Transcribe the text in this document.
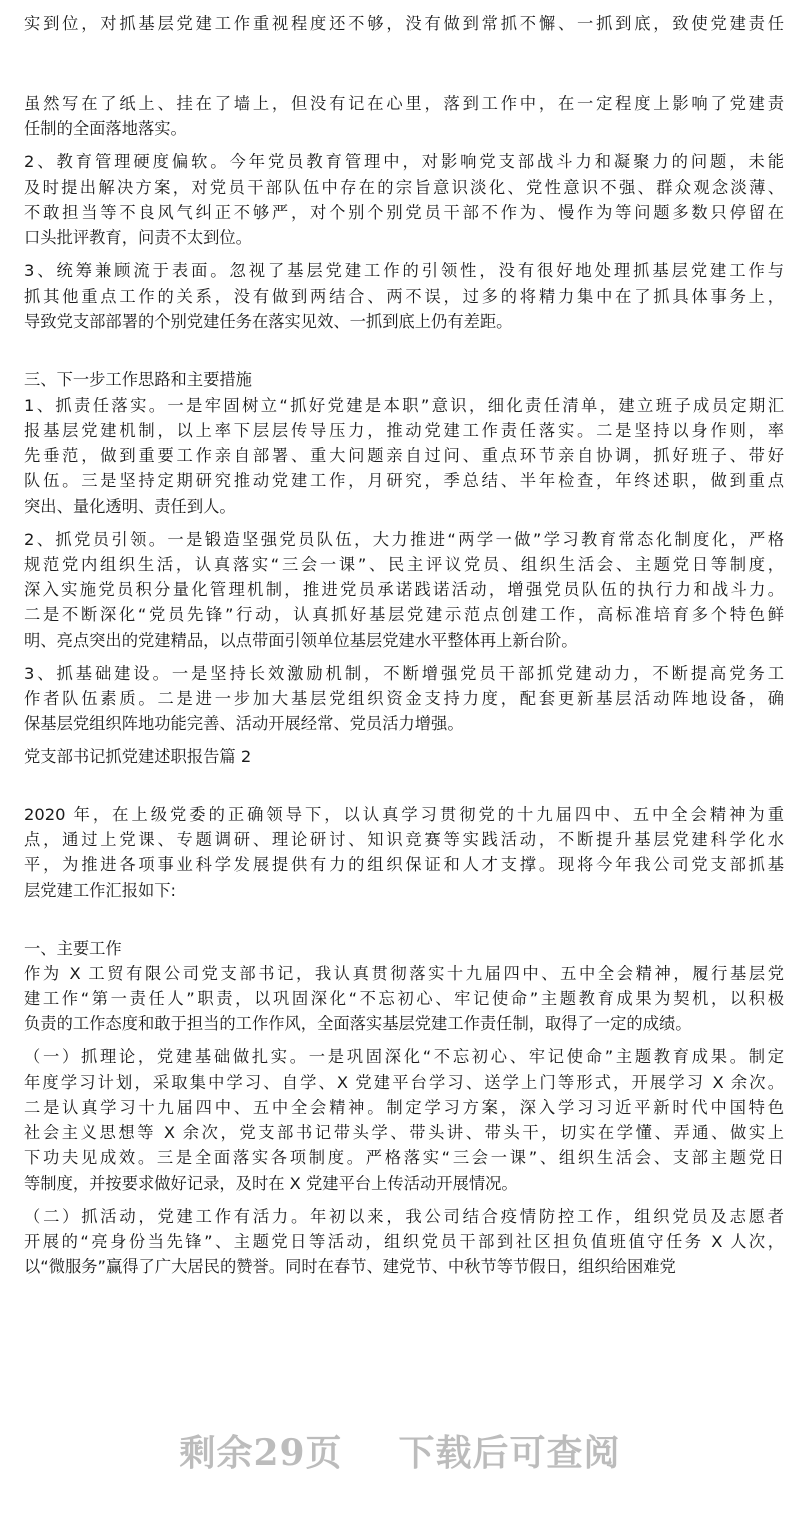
实到位，对抓基层党建工作重视程度还不够，没有做到常抓不懈、一抓到底，致使党建责任
虽然写在了纸上、挂在了墙上，但没有记在心里，落到工作中，在一定程度上影响了党建责
任制的全面落地落实。
2、教育管理硬度偏软。今年党员教育管理中，对影响党支部战斗力和凝聚力的问题，未能
及时提出解决方案，对党员干部队伍中存在的宗旨意识淡化、党性意识不强、群众观念淡薄、
不敢担当等不良风气纠正不够严，对个别个别党员干部不作为、慢作为等问题多数只停留在
口头批评教育，问责不太到位。
3、统筹兼顾流于表面。忽视了基层党建工作的引领性，没有很好地处理抓基层党建工作与
抓其他重点工作的关系，没有做到两结合、两不误，过多的将精力集中在了抓具体事务上，
导致党支部部署的个别党建任务在落实见效、一抓到底上仍有差距。
三、下一步工作思路和主要措施
1、抓责任落实。一是牢固树立“抓好党建是本职”意识，细化责任清单，建立班子成员定期汇
报基层党建机制，以上率下层层传导压力，推动党建工作责任落实。二是坚持以身作则，率
先垂范，做到重要工作亲自部署、重大问题亲自过问、重点环节亲自协调，抓好班子、带好
队伍。三是坚持定期研究推动党建工作，月研究，季总结、半年检查，年终述职，做到重点
突出、量化透明、责任到人。
2、抓党员引领。一是锻造坚强党员队伍，大力推进“两学一做”学习教育常态化制度化，严格
规范党内组织生活，认真落实“三会一课”、民主评议党员、组织生活会、主题党日等制度，
深入实施党员积分量化管理机制，推进党员承诺践诺活动，增强党员队伍的执行力和战斗力。
二是不断深化“党员先锋”行动，认真抓好基层党建示范点创建工作，高标准培育多个特色鲜
明、亮点突出的党建精品，以点带面引领单位基层党建水平整体再上新台阶。
3、抓基础建设。一是坚持长效激励机制，不断增强党员干部抓党建动力，不断提高党务工
作者队伍素质。二是进一步加大基层党组织资金支持力度，配套更新基层活动阵地设备，确
保基层党组织阵地功能完善、活动开展经常、党员活力增强。
党支部书记抓党建述职报告篇 2
2020 年，在上级党委的正确领导下，以认真学习贯彻党的十九届四中、五中全会精神为重
点，通过上党课、专题调研、理论研讨、知识竞赛等实践活动，不断提升基层党建科学化水
平，为推进各项事业科学发展提供有力的组织保证和人才支撑。现将今年我公司党支部抓基
层党建工作汇报如下:
一、主要工作
作为 X 工贸有限公司党支部书记，我认真贯彻落实十九届四中、五中全会精神，履行基层党
建工作“第一责任人”职责，以巩固深化“不忘初心、牢记使命”主题教育成果为契机，以积极
负责的工作态度和敢于担当的工作作风，全面落实基层党建工作责任制，取得了一定的成绩。
（一）抓理论，党建基础做扎实。一是巩固深化“不忘初心、牢记使命”主题教育成果。制定
年度学习计划，采取集中学习、自学、X 党建平台学习、送学上门等形式，开展学习 X 余次。
二是认真学习十九届四中、五中全会精神。制定学习方案，深入学习习近平新时代中国特色
社会主义思想等 X 余次，党支部书记带头学、带头讲、带头干，切实在学懂、弄通、做实上
下功夫见成效。三是全面落实各项制度。严格落实“三会一课”、组织生活会、支部主题党日
等制度，并按要求做好记录，及时在 X 党建平台上传活动开展情况。
（二）抓活动，党建工作有活力。年初以来，我公司结合疫情防控工作，组织党员及志愿者
开展的“亮身份当先锋”、主题党日等活动，组织党员干部到社区担负值班值守任务 X 人次，
以“微服务”赢得了广大居民的赞誉。同时在春节、建党节、中秋节等节假日，组织给困难党
剩余29页 下载后可查阅
